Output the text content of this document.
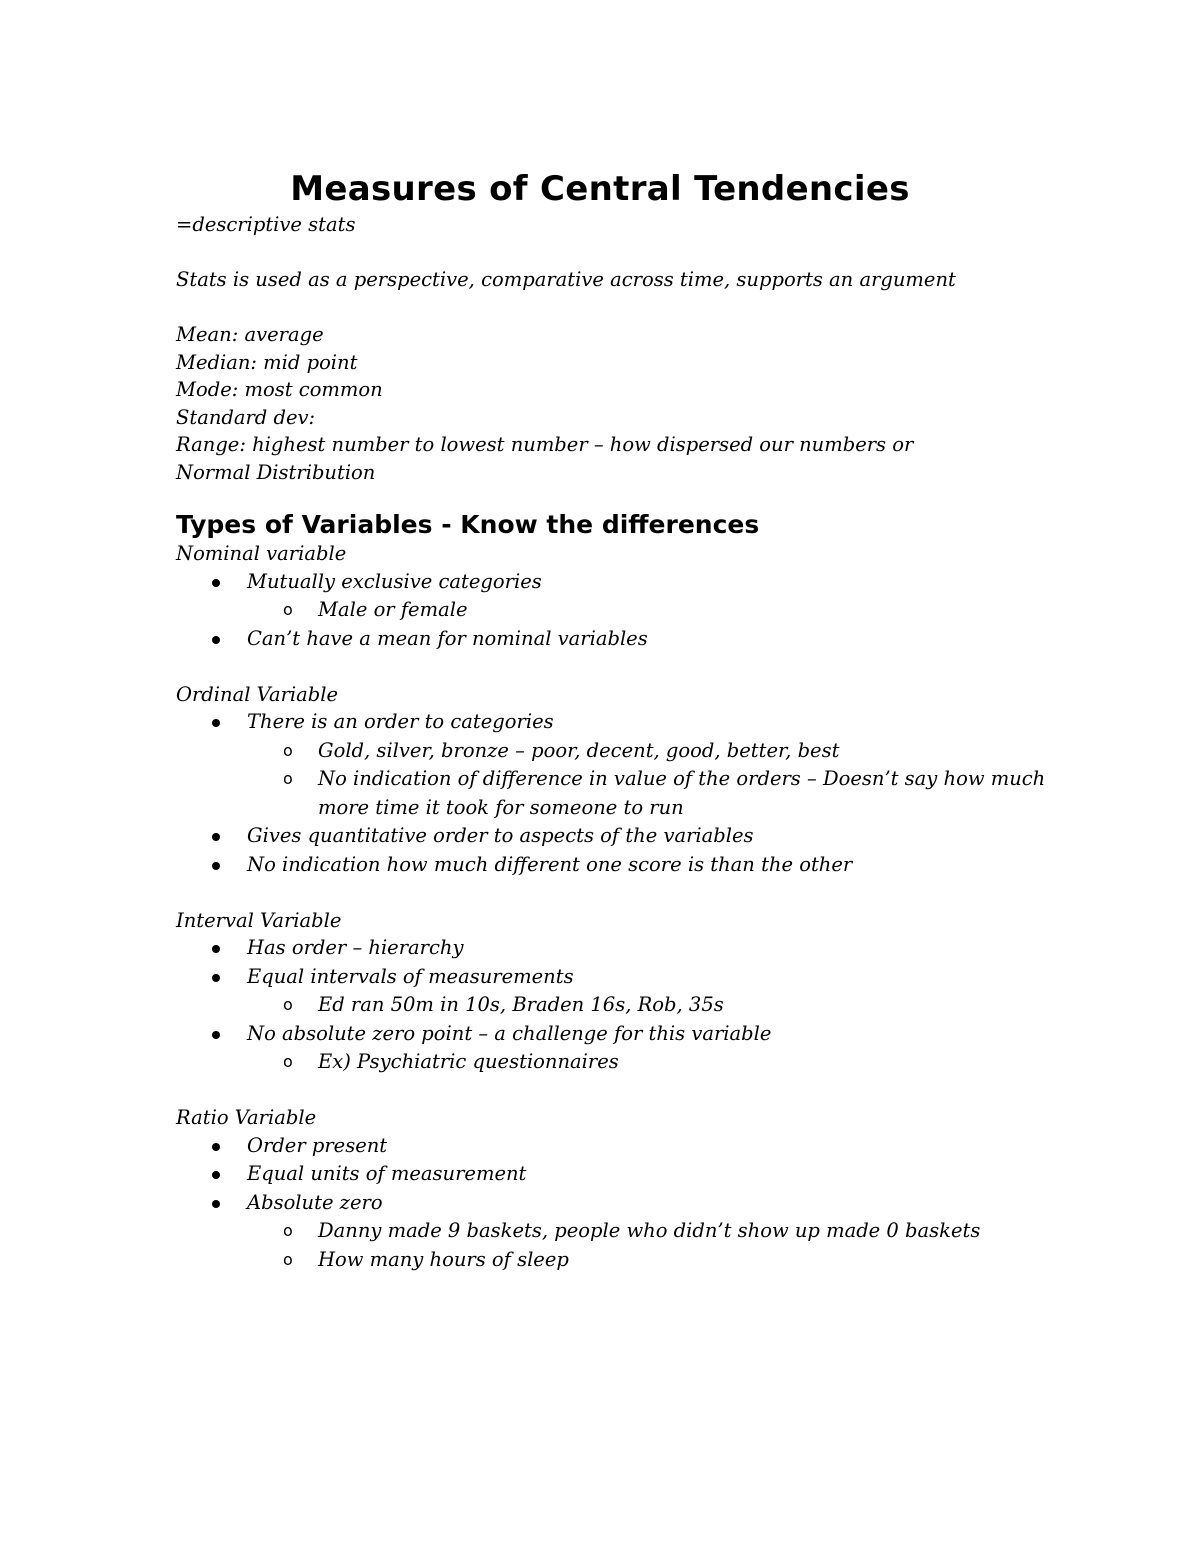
Measures of Central Tendencies
=descriptive stats
Stats is used as a perspective, comparative across time, supports an argument
Mean: average
Median: mid point
Mode: most common
Standard dev:
Range: highest number to lowest number – how dispersed our numbers or
Normal Distribution
Types of Variables - Know the differences
Nominal variable
Mutually exclusive categories
o Male or female
Can’t have a mean for nominal variables
Ordinal Variable
There is an order to categories
o Gold, silver, bronze – poor, decent, good, better, best
o No indication of difference in value of the orders – Doesn’t say how much more time it took for someone to run
Gives quantitative order to aspects of the variables
No indication how much different one score is than the other
Interval Variable
Has order – hierarchy
Equal intervals of measurements
o Ed ran 50m in 10s, Braden 16s, Rob, 35s
No absolute zero point – a challenge for this variable
o Ex) Psychiatric questionnaires
Ratio Variable
Order present
Equal units of measurement
Absolute zero
o Danny made 9 baskets, people who didn’t show up made 0 baskets
o How many hours of sleep
